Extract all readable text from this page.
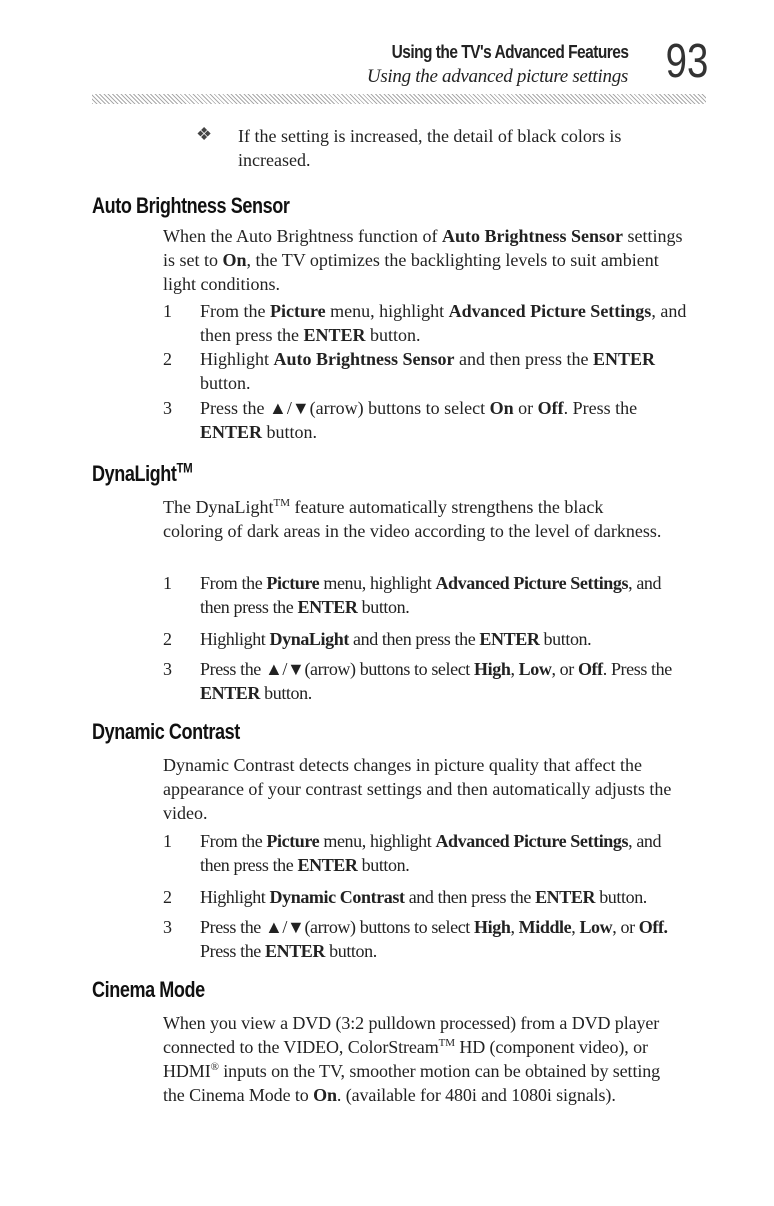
Using the TV's Advanced Features
Using the advanced picture settings 93
❖ If the setting is increased, the detail of black colors is increased.
Auto Brightness Sensor
When the Auto Brightness function of Auto Brightness Sensor settings is set to On, the TV optimizes the backlighting levels to suit ambient light conditions.
1 From the Picture menu, highlight Advanced Picture Settings, and then press the ENTER button.
2 Highlight Auto Brightness Sensor and then press the ENTER button.
3 Press the ▲/▼(arrow) buttons to select On or Off. Press the ENTER button.
DynaLight™
The DynaLight™ feature automatically strengthens the black coloring of dark areas in the video according to the level of darkness.
1 From the Picture menu, highlight Advanced Picture Settings, and then press the ENTER button.
2 Highlight DynaLight and then press the ENTER button.
3 Press the ▲/▼(arrow) buttons to select High, Low, or Off. Press the ENTER button.
Dynamic Contrast
Dynamic Contrast detects changes in picture quality that affect the appearance of your contrast settings and then automatically adjusts the video.
1 From the Picture menu, highlight Advanced Picture Settings, and then press the ENTER button.
2 Highlight Dynamic Contrast and then press the ENTER button.
3 Press the ▲/▼(arrow) buttons to select High, Middle, Low, or Off. Press the ENTER button.
Cinema Mode
When you view a DVD (3:2 pulldown processed) from a DVD player connected to the VIDEO, ColorStream™ HD (component video), or HDMI® inputs on the TV, smoother motion can be obtained by setting the Cinema Mode to On. (available for 480i and 1080i signals).
